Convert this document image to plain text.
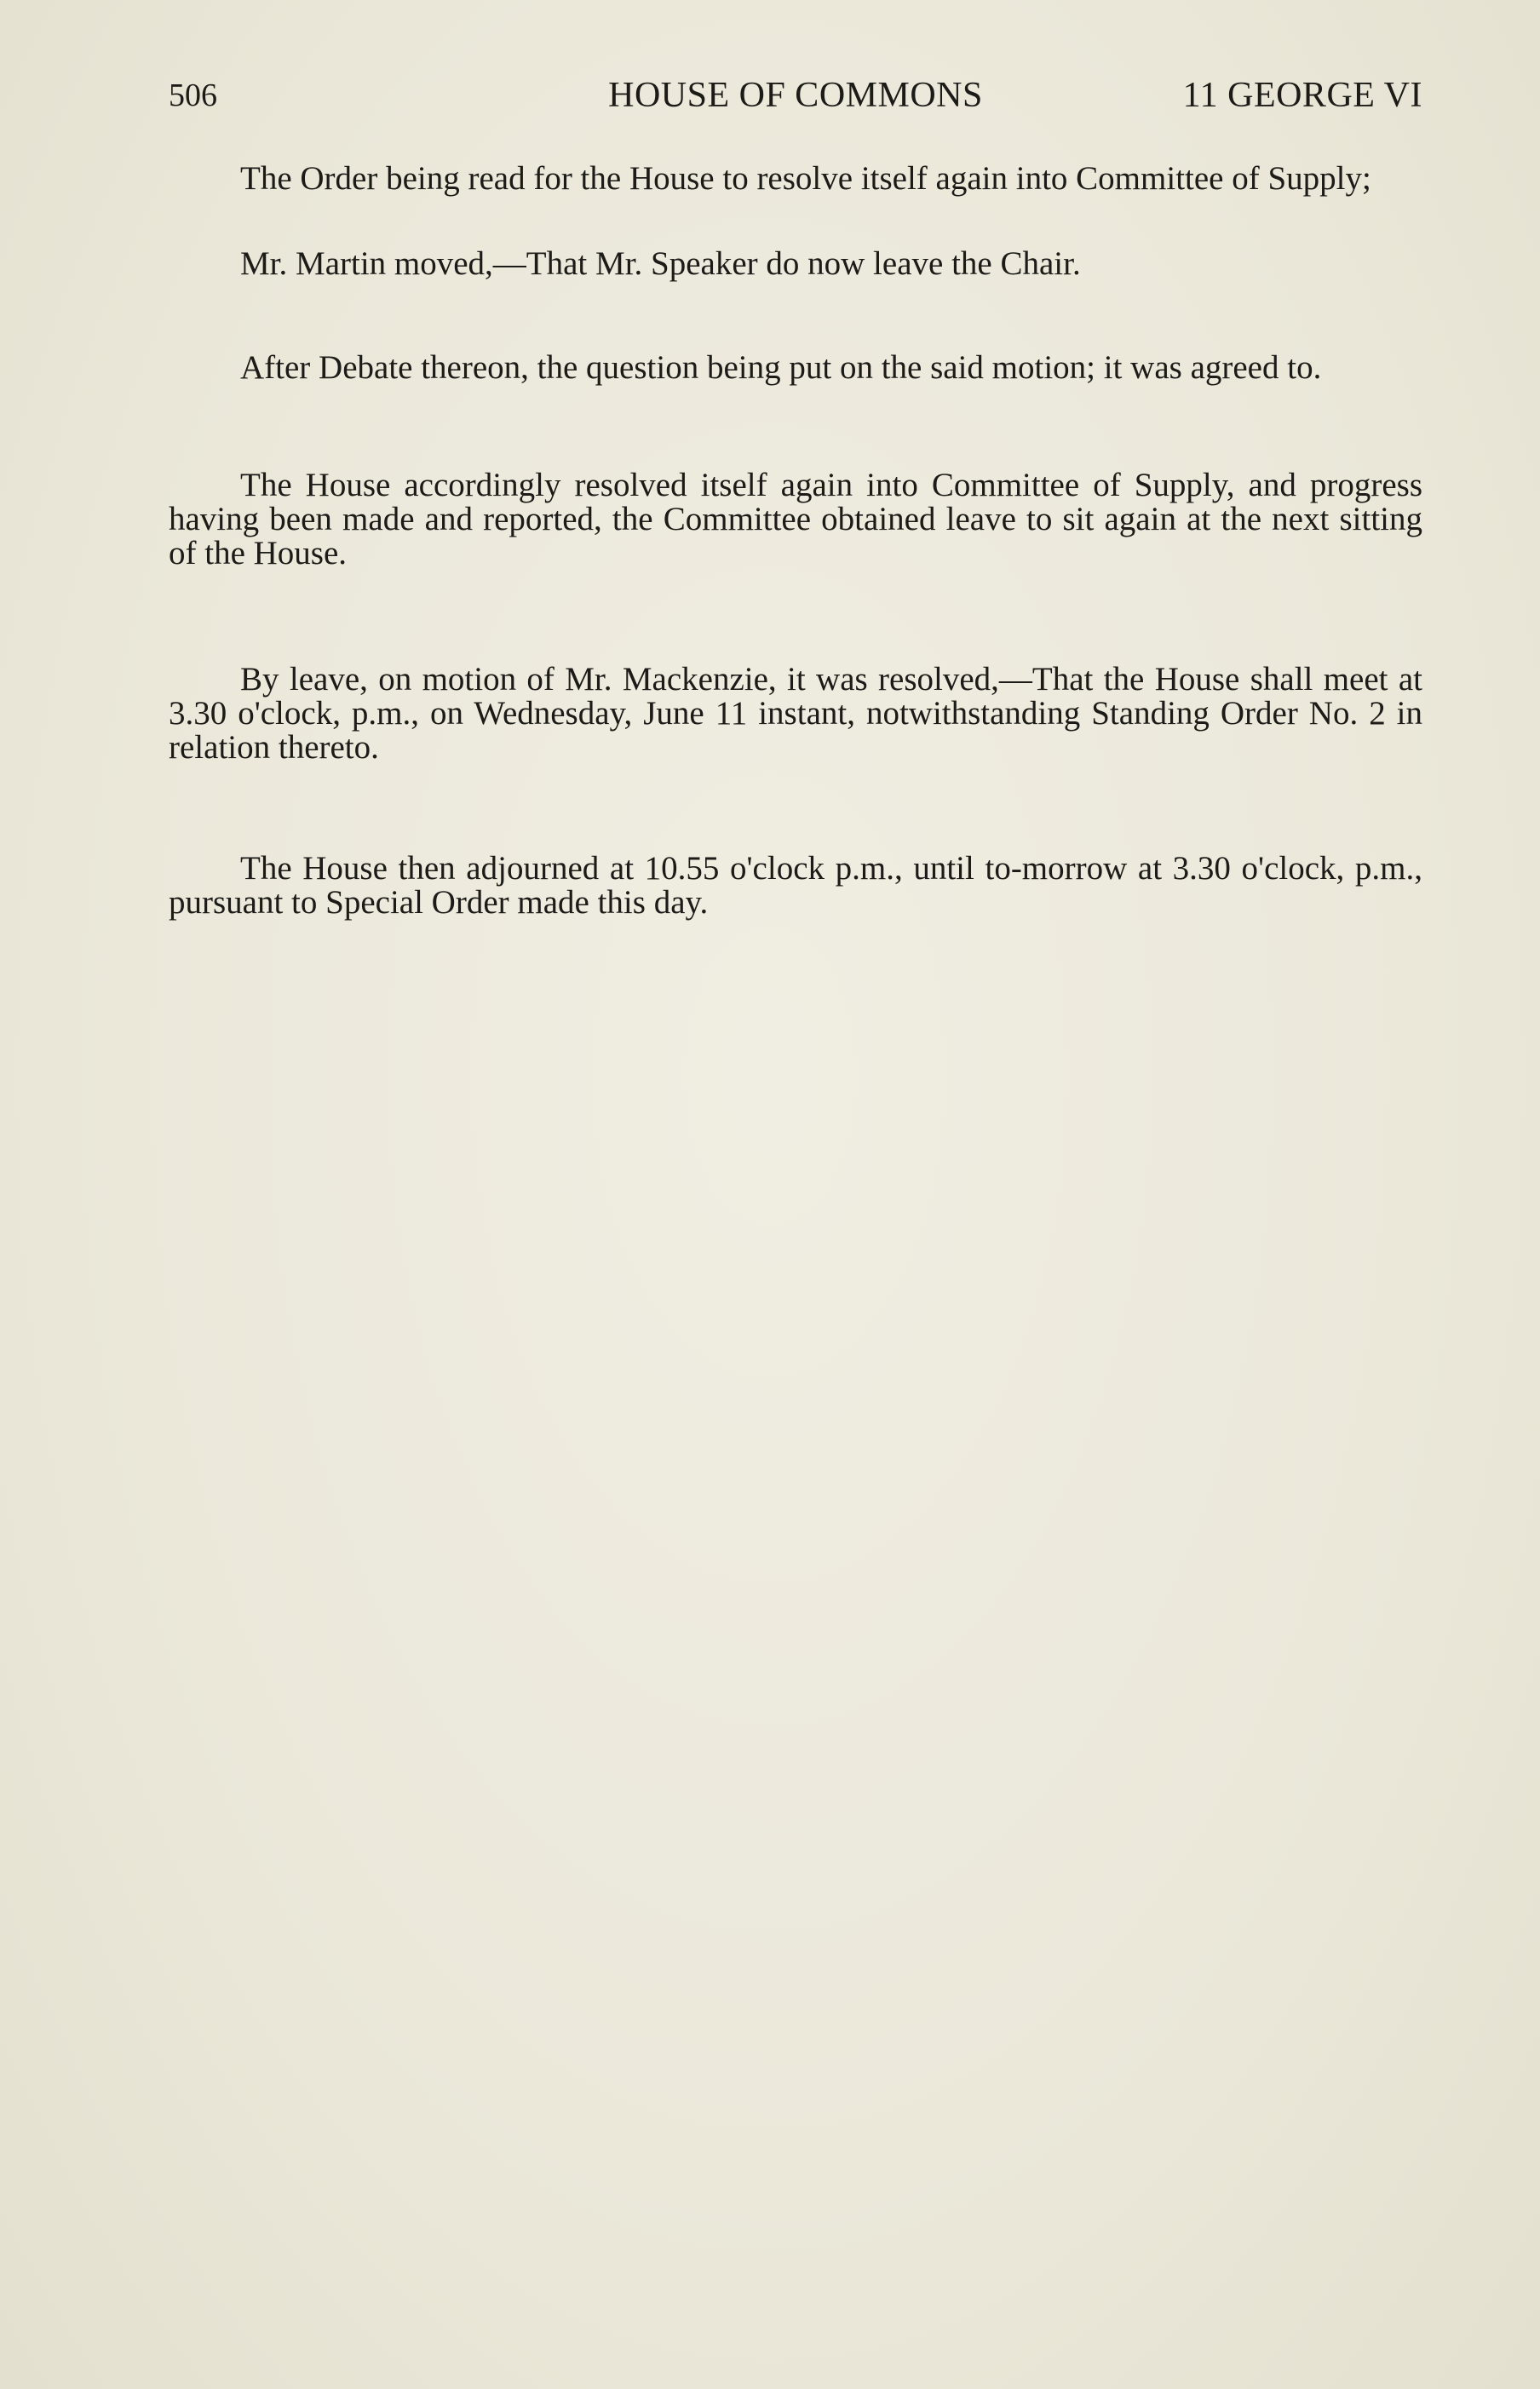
506	HOUSE OF COMMONS	11 GEORGE VI

The Order being read for the House to resolve itself again into Committee of Supply;

Mr. Martin moved,—That Mr. Speaker do now leave the Chair.

After Debate thereon, the question being put on the said motion; it was agreed to.

The House accordingly resolved itself again into Committee of Supply, and progress having been made and reported, the Committee obtained leave to sit again at the next sitting of the House.

By leave, on motion of Mr. Mackenzie, it was resolved,—That the House shall meet at 3.30 o'clock, p.m., on Wednesday, June 11 instant, notwithstanding Standing Order No. 2 in relation thereto.

The House then adjourned at 10.55 o'clock p.m., until to-morrow at 3.30 o'clock, p.m., pursuant to Special Order made this day.
